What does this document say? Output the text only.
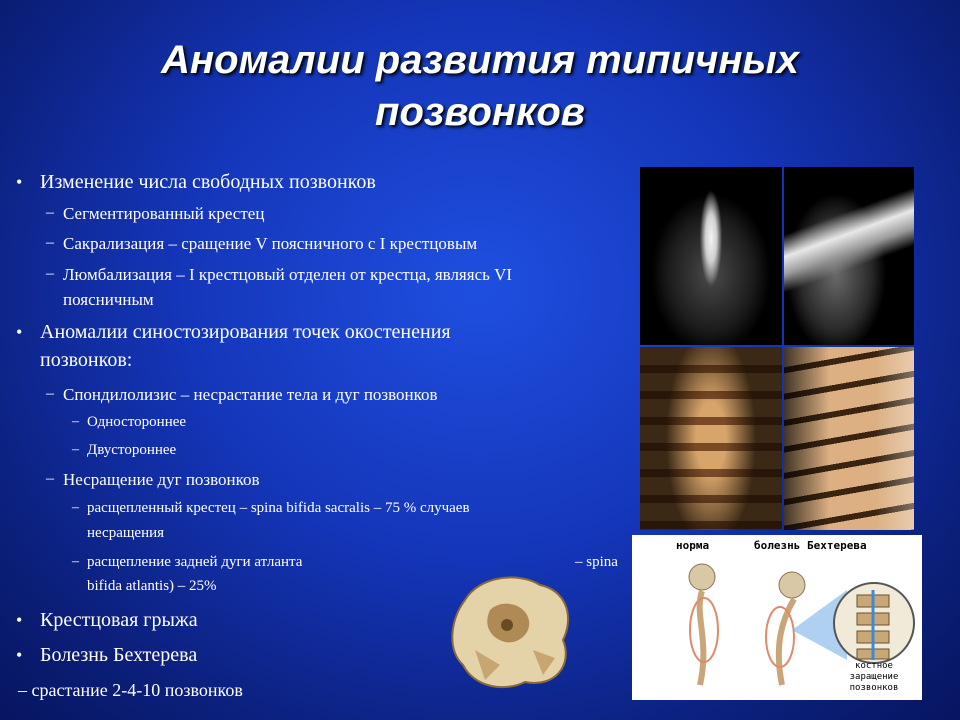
Аномалии развития типичных
позвонков
• Изменение числа свободных позвонков
– Сегментированный крестец
– Сакрализация – сращение V поясничного с I крестцовым
– Люмбализация – I крестцовый отделен от крестца, являясь VI
поясничным
• Аномалии синостозирования точек окостенения
позвонков:
– Спондилолизис – несрастание тела и дуг позвонков
– Одностороннее
– Двустороннее
– Несращение дуг позвонков
– расщепленный крестец – spina bifida sacralis – 75 % случаев
несращения
– расщепление задней дуги атланта	– spina
bifida atlantis) – 25%
• Крестцовая грыжа
• Болезнь Бехтерева
– срастание 2-4-10 позвонков
норма	болезнь Бехтерева
костное заращение
позвонков
